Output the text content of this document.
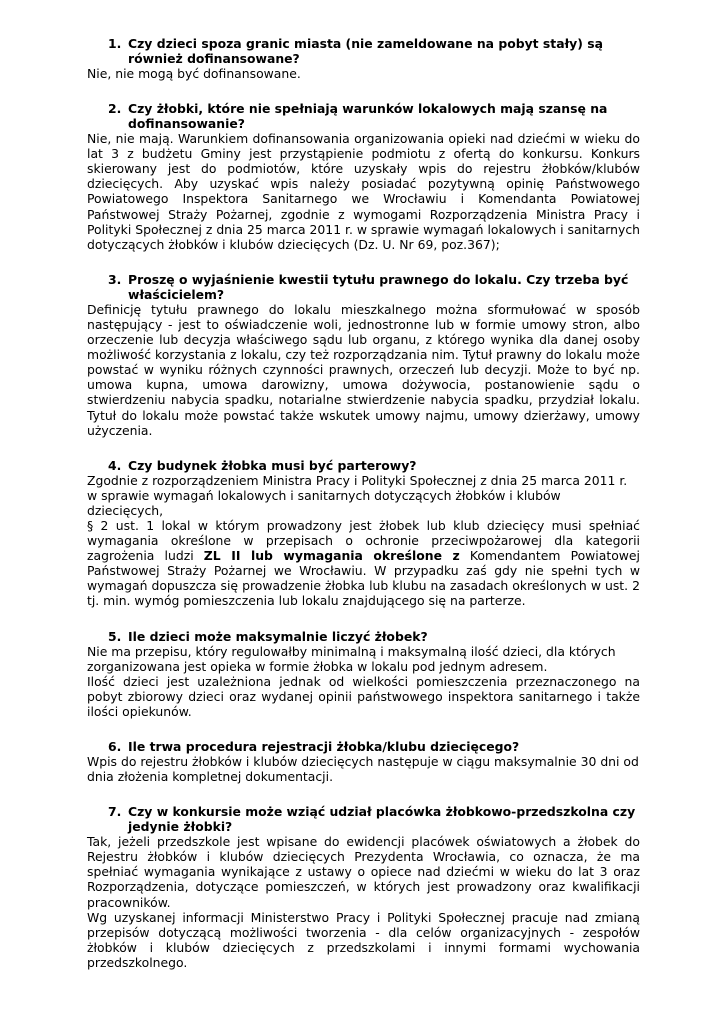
1. Czy dzieci spoza granic miasta (nie zameldowane na pobyt stały) są również dofinansowane?

Nie, nie mogą być dofinansowane.

2. Czy żłobki, które nie spełniają warunków lokalowych mają szansę na dofinansowanie?

Nie, nie mają. Warunkiem dofinansowania organizowania opieki nad dziećmi w wieku do lat 3 z budżetu Gminy jest przystąpienie podmiotu z ofertą do konkursu. Konkurs skierowany jest do podmiotów, które uzyskały wpis do rejestru żłobków/klubów dziecięcych. Aby uzyskać wpis należy posiadać pozytywną opinię Państwowego Powiatowego Inspektora Sanitarnego we Wrocławiu i Komendanta Powiatowej Państwowej Straży Pożarnej, zgodnie z wymogami Rozporządzenia Ministra Pracy i Polityki Społecznej z dnia 25 marca 2011 r. w sprawie wymagań lokalowych i sanitarnych dotyczących żłobków i klubów dziecięcych (Dz. U. Nr 69, poz.367);

3. Proszę o wyjaśnienie kwestii tytułu prawnego do lokalu. Czy trzeba być właścicielem?

Definicję tytułu prawnego do lokalu mieszkalnego można sformułować w sposób następujący - jest to oświadczenie woli, jednostronne lub w formie umowy stron, albo orzeczenie lub decyzja właściwego sądu lub organu, z którego wynika dla danej osoby możliwość korzystania z lokalu, czy też rozporządzania nim. Tytuł prawny do lokalu może powstać w wyniku różnych czynności prawnych, orzeczeń lub decyzji. Może to być np. umowa kupna, umowa darowizny, umowa dożywocia, postanowienie sądu o stwierdzeniu nabycia spadku, notarialne stwierdzenie nabycia spadku, przydział lokalu. Tytuł do lokalu może powstać także wskutek umowy najmu, umowy dzierżawy, umowy użyczenia.

4. Czy budynek żłobka musi być parterowy?

Zgodnie z rozporządzeniem Ministra Pracy i Polityki Społecznej z dnia 25 marca 2011 r. w sprawie wymagań lokalowych i sanitarnych dotyczących żłobków i klubów dziecięcych,

§ 2 ust. 1 lokal w którym prowadzony jest żłobek lub klub dziecięcy musi spełniać wymagania określone w przepisach o ochronie przeciwpożarowej dla kategorii zagrożenia ludzi ZL II lub wymagania określone z Komendantem Powiatowej Państwowej Straży Pożarnej we Wrocławiu. W przypadku zaś gdy nie spełni tych w wymagań dopuszcza się prowadzenie żłobka lub klubu na zasadach określonych w ust. 2 tj. min. wymóg pomieszczenia lub lokalu znajdującego się na parterze.

5. Ile dzieci może maksymalnie liczyć żłobek?

Nie ma przepisu, który regulowałby minimalną i maksymalną ilość dzieci, dla których zorganizowana jest opieka w formie żłobka w lokalu pod jednym adresem.

Ilość dzieci jest uzależniona jednak od wielkości pomieszczenia przeznaczonego na pobyt zbiorowy dzieci oraz wydanej opinii państwowego inspektora sanitarnego i także ilości opiekunów.

6. Ile trwa procedura rejestracji żłobka/klubu dziecięcego?

Wpis do rejestru żłobków i klubów dziecięcych następuje w ciągu maksymalnie 30 dni od dnia złożenia kompletnej dokumentacji.

7. Czy w konkursie może wziąć udział placówka żłobkowo-przedszkolna czy jedynie żłobki?

Tak, jeżeli przedszkole jest wpisane do ewidencji placówek oświatowych a żłobek do Rejestru żłobków i klubów dziecięcych Prezydenta Wrocławia, co oznacza, że ma spełniać wymagania wynikające z ustawy o opiece nad dziećmi w wieku do lat 3 oraz Rozporządzenia, dotyczące pomieszczeń, w których jest prowadzony oraz kwalifikacji pracowników.

Wg uzyskanej informacji Ministerstwo Pracy i Polityki Społecznej pracuje nad zmianą przepisów dotyczącą możliwości tworzenia - dla celów organizacyjnych - zespołów żłobków i klubów dziecięcych z przedszkolami i innymi formami wychowania przedszkolnego.
